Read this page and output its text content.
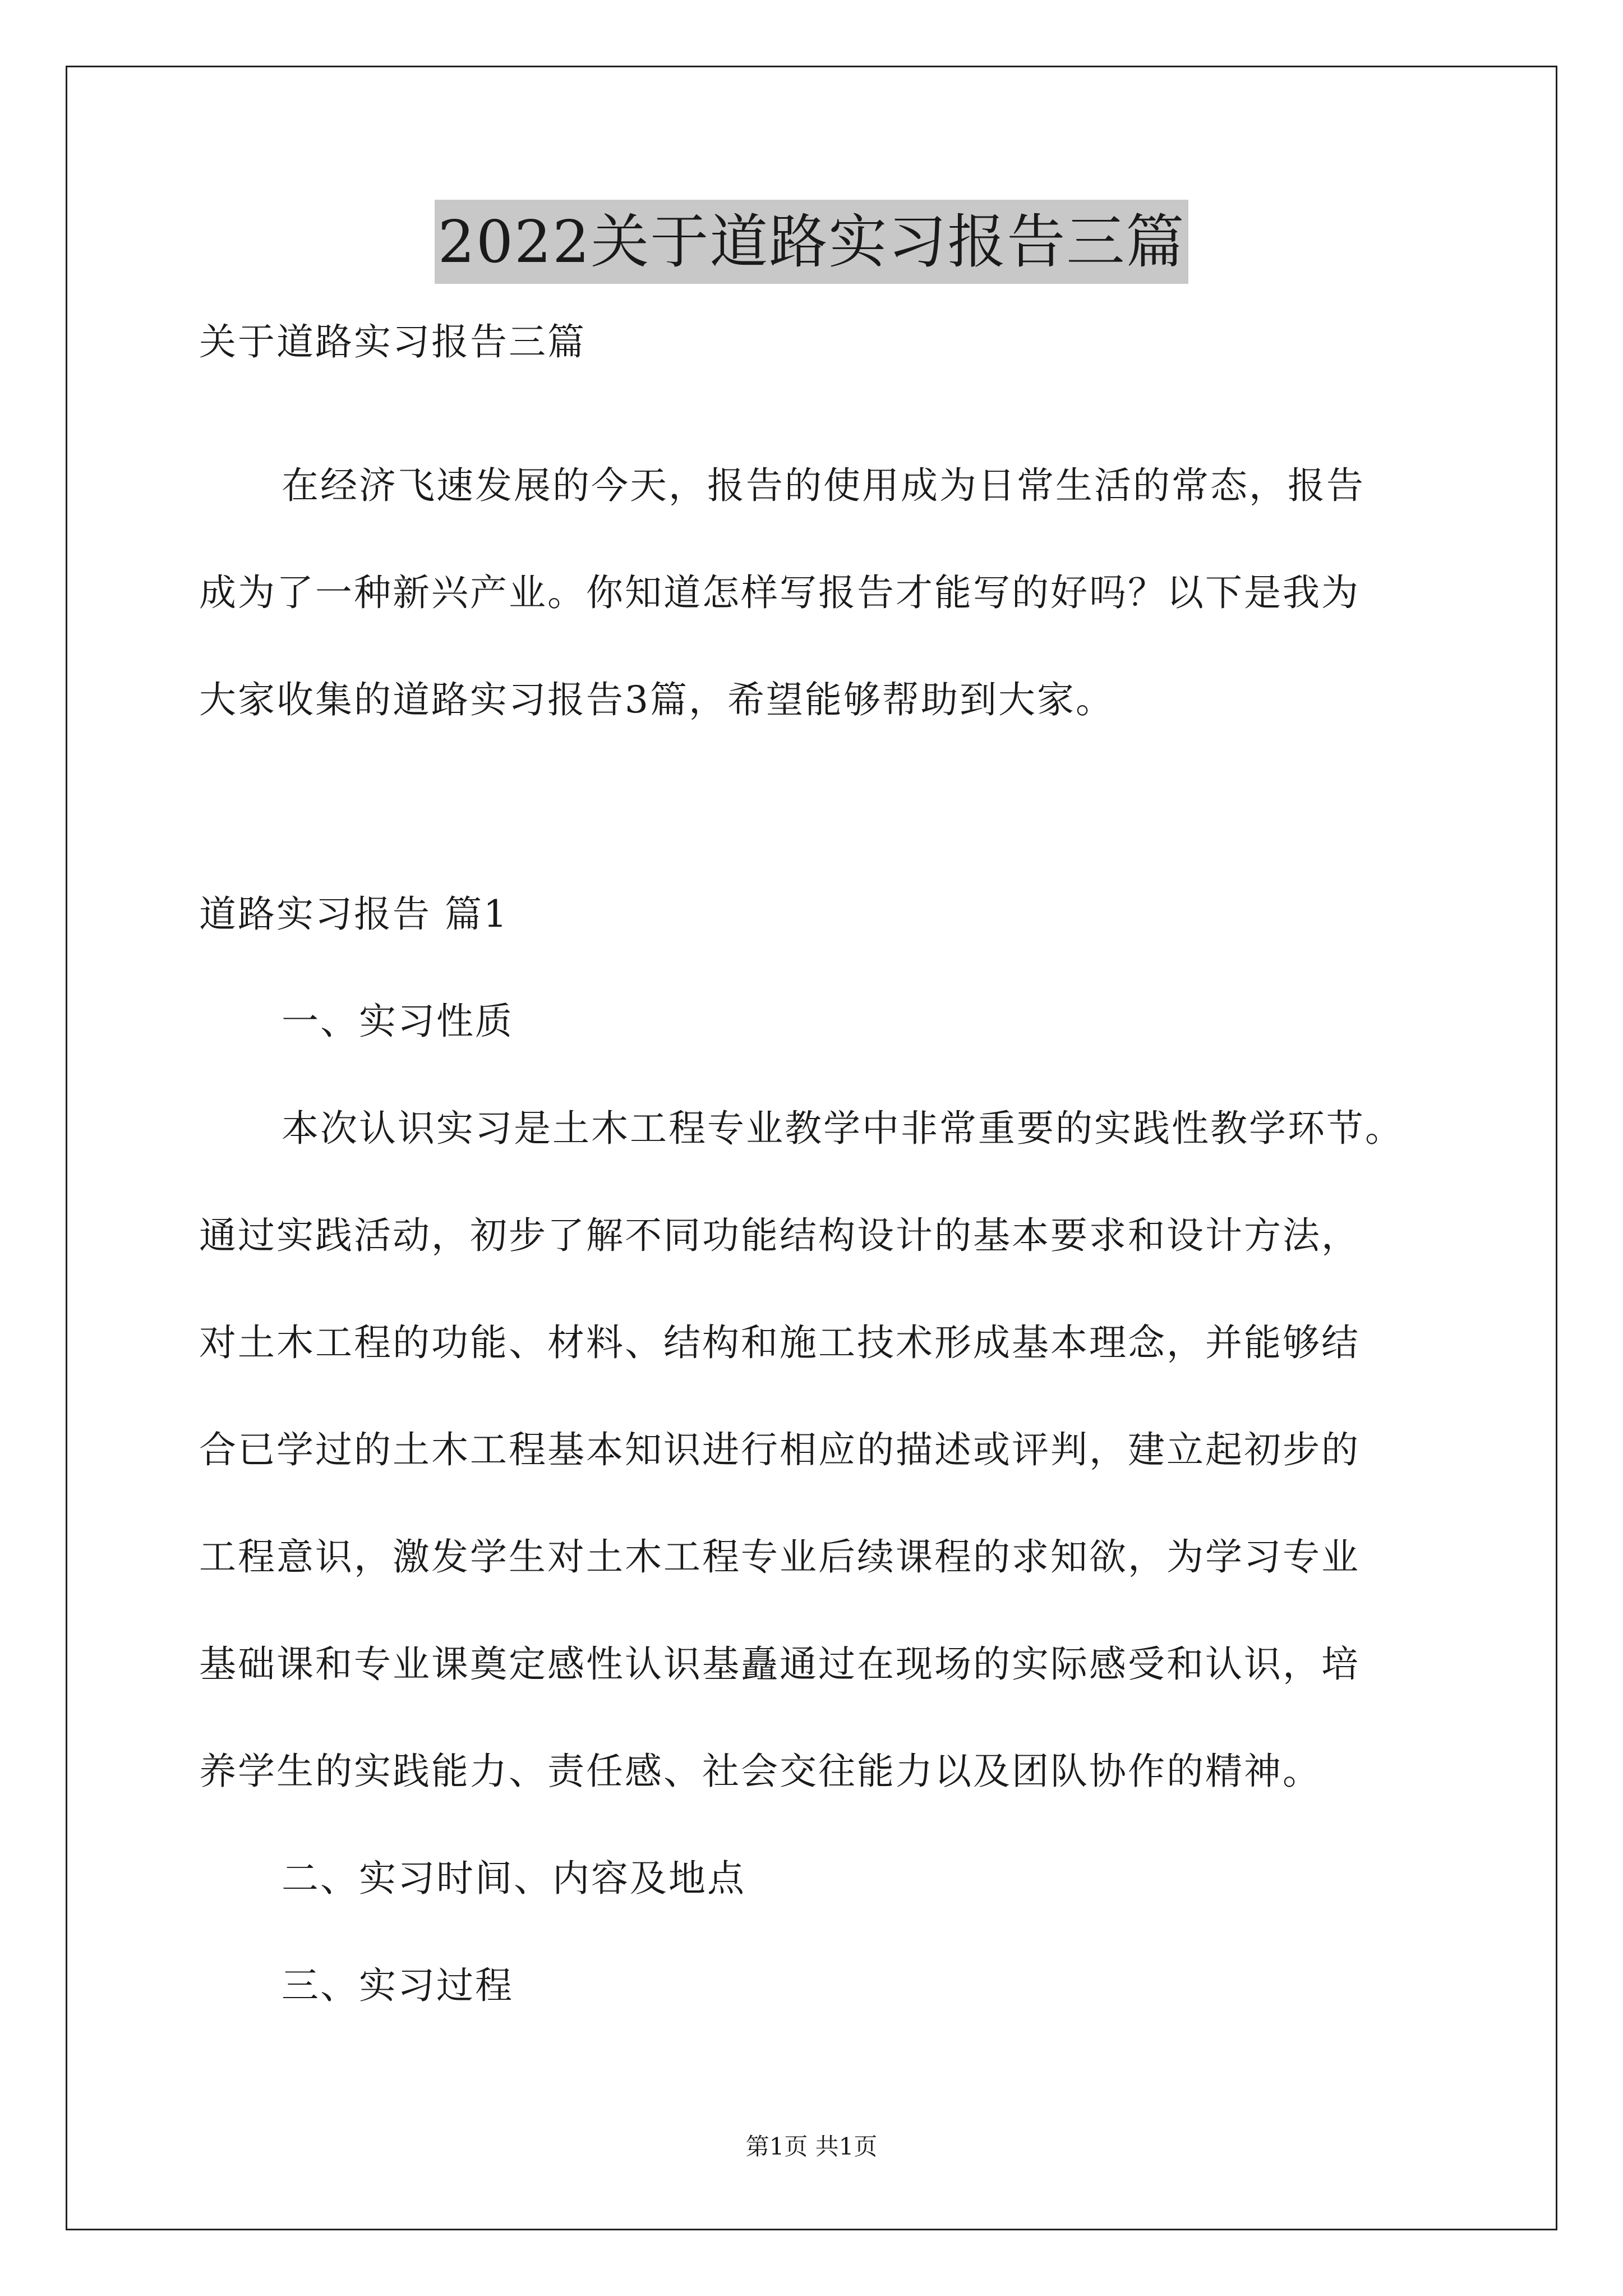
2022关于道路实习报告三篇
关于道路实习报告三篇
在经济飞速发展的今天，报告的使用成为日常生活的常态，报告
成为了一种新兴产业。你知道怎样写报告才能写的好吗？以下是我为
大家收集的道路实习报告3篇，希望能够帮助到大家。
道路实习报告 篇1
一、实习性质
本次认识实习是土木工程专业教学中非常重要的实践性教学环节。
通过实践活动，初步了解不同功能结构设计的基本要求和设计方法，
对土木工程的功能、材料、结构和施工技术形成基本理念，并能够结
合已学过的土木工程基本知识进行相应的描述或评判，建立起初步的
工程意识，激发学生对土木工程专业后续课程的求知欲，为学习专业
基础课和专业课奠定感性认识基矗通过在现场的实际感受和认识，培
养学生的实践能力、责任感、社会交往能力以及团队协作的精神。
二、实习时间、内容及地点
三、实习过程
第1页 共1页
